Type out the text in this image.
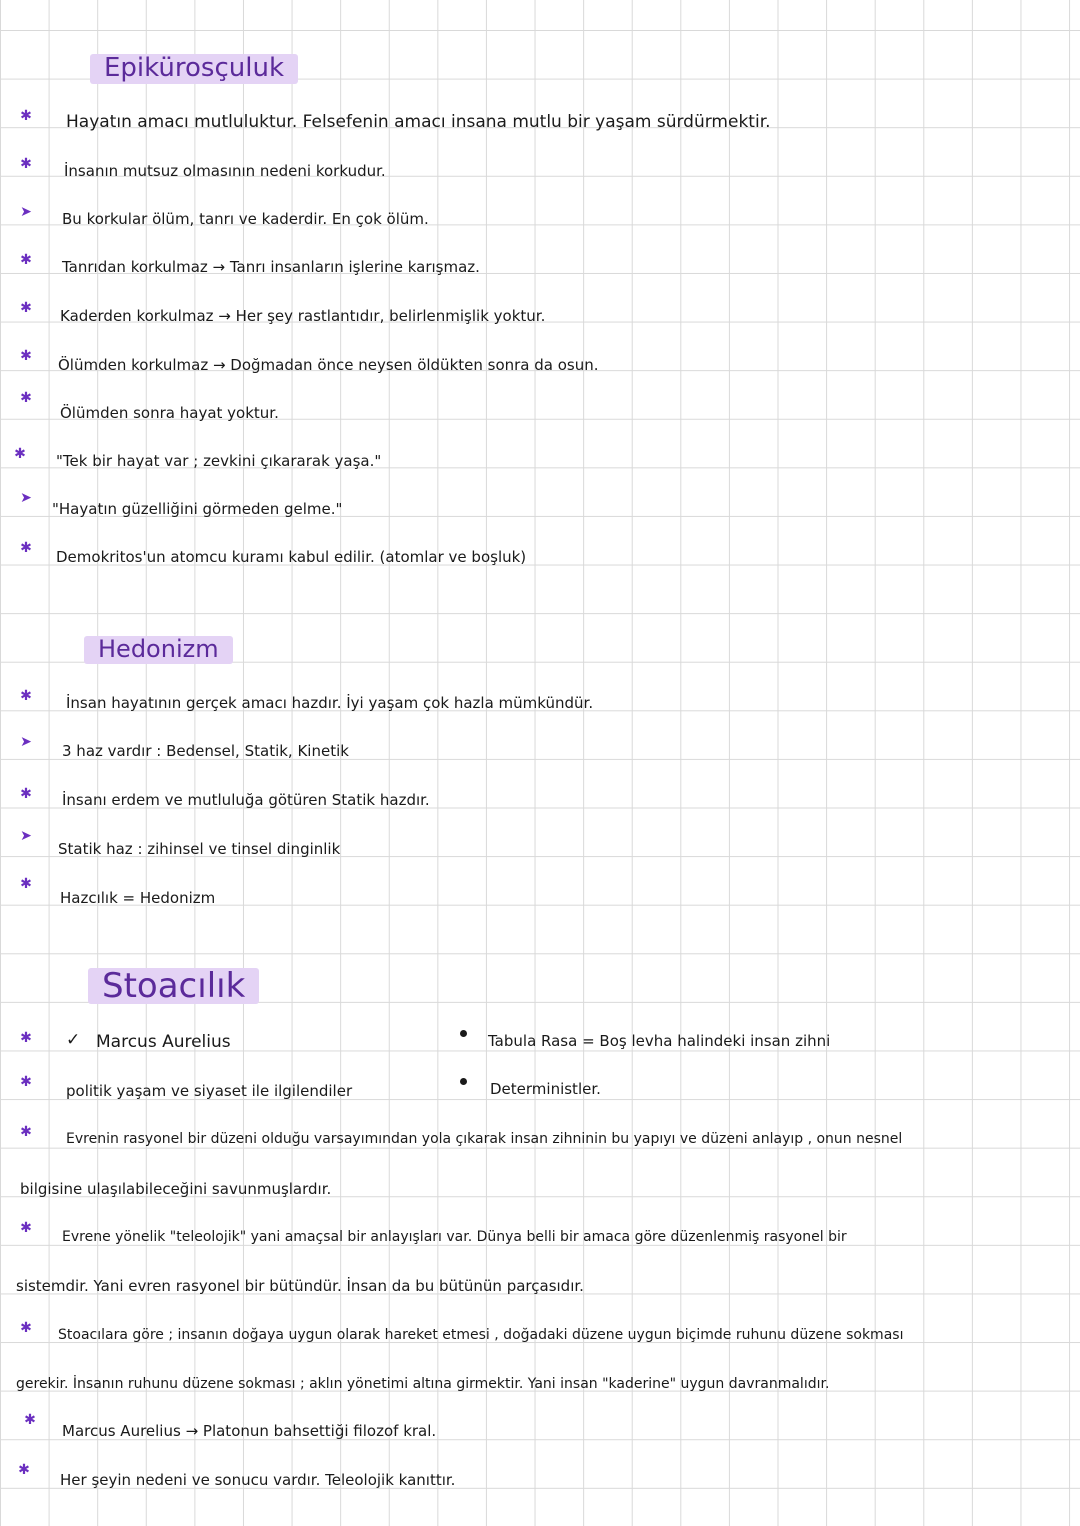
Epikürosçuluk
✱ Hayatın amacı mutluluktur. Felsefenin amacı insana mutlu bir yaşam sürdürmektir.
✱ İnsanın mutsuz olmasının nedeni korkudur.
➤ Bu korkular ölüm, tanrı ve kaderdir. En çok ölüm.
✱ Tanrıdan korkulmaz → Tanrı insanların işlerine karışmaz.
✱ Kaderden korkulmaz → Her şey rastlantıdır, belirlenmişlik yoktur.
✱ Ölümden korkulmaz → Doğmadan önce neysen öldükten sonra da osun.
✱
Ölümden sonra hayat yoktur.
✱ "Tek bir hayat var ; zevkini çıkararak yaşa."
➤
"Hayatın güzelliğini görmeden gelme."
✱ Demokritos'un atomcu kuramı kabul edilir. (atomlar ve boşluk)
Hedonizm
✱ İnsan hayatının gerçek amacı hazdır. İyi yaşam çok hazla mümkündür.
➤ 3 haz vardır : Bedensel, Statik, Kinetik
✱ İnsanı erdem ve mutluluğa götüren Statik hazdır.
➤
Statik haz : zihinsel ve tinsel dinginlik
✱
Hazcılık = Hedonizm
Stoacılık
✱ ✓ Marcus Aurelius	Tabula Rasa = Boş levha halindeki insan zihni
✱ politik yaşam ve siyaset ile ilgilendiler	Deterministler.
✱ Evrenin rasyonel bir düzeni olduğu varsayımından yola çıkarak insan zihninin bu yapıyı ve düzeni anlayıp , onun nesnel
bilgisine ulaşılabileceğini savunmuşlardır.
✱
Evrene yönelik "teleolojik" yani amaçsal bir anlayışları var. Dünya belli bir amaca göre düzenlenmiş rasyonel bir
sistemdir. Yani evren rasyonel bir bütündür. İnsan da bu bütünün parçasıdır.
✱ Stoacılara göre ; insanın doğaya uygun olarak hareket etmesi , doğadaki düzene uygun biçimde ruhunu düzene sokması
gerekir. İnsanın ruhunu düzene sokması ; aklın yönetimi altına girmektir. Yani insan "kaderine" uygun davranmalıdır.
✱
Marcus Aurelius → Platonun bahsettiği filozof kral.
✱
Her şeyin nedeni ve sonucu vardır. Teleolojik kanıttır.
